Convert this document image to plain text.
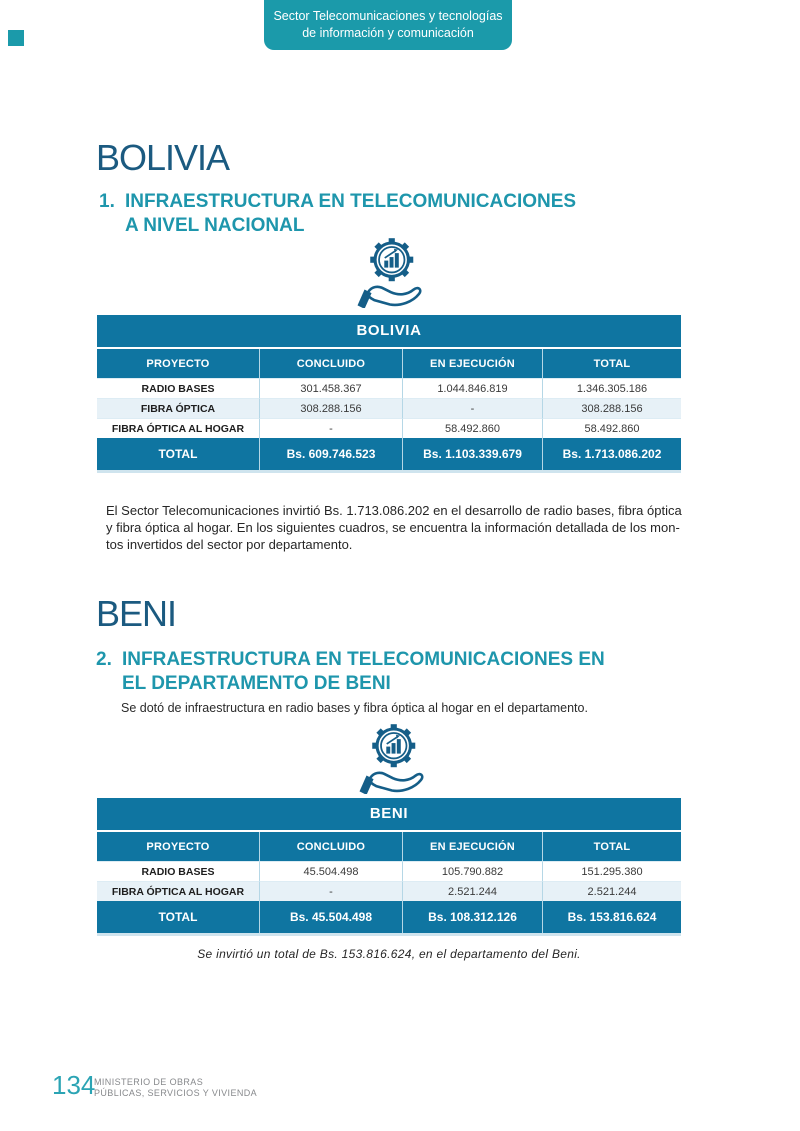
Sector Telecomunicaciones y tecnologías
de información y comunicación
BOLIVIA
1. INFRAESTRUCTURA EN TELECOMUNICACIONES
A NIVEL NACIONAL
BOLIVIA
PROYECTO	CONCLUIDO	EN EJECUCIÓN	TOTAL
RADIO BASES	301.458.367	1.044.846.819	1.346.305.186
FIBRA ÓPTICA	308.288.156	-	308.288.156
FIBRA ÓPTICA AL HOGAR	-	58.492.860	58.492.860
TOTAL	Bs. 609.746.523	Bs. 1.103.339.679	Bs. 1.713.086.202
El Sector Telecomunicaciones invirtió Bs. 1.713.086.202 en el desarrollo de radio bases, fibra óptica
y fibra óptica al hogar. En los siguientes cuadros, se encuentra la información detallada de los mon-
tos invertidos del sector por departamento.
BENI
2. INFRAESTRUCTURA EN TELECOMUNICACIONES EN
EL DEPARTAMENTO DE BENI
Se dotó de infraestructura en radio bases y fibra óptica al hogar en el departamento.
BENI
PROYECTO	CONCLUIDO	EN EJECUCIÓN	TOTAL
RADIO BASES	45.504.498	105.790.882	151.295.380
FIBRA ÓPTICA AL HOGAR	-	2.521.244	2.521.244
TOTAL	Bs. 45.504.498	Bs. 108.312.126	Bs. 153.816.624
Se invirtió un total de Bs. 153.816.624, en el departamento del Beni.
134
MINISTERIO DE OBRAS
PÚBLICAS, SERVICIOS Y VIVIENDA
